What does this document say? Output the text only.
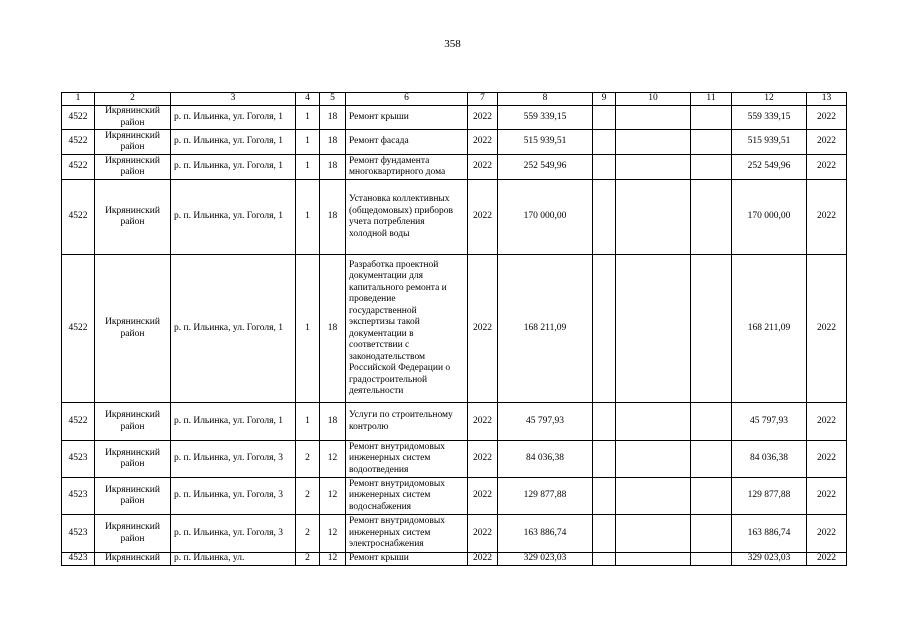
358
1	2	3	4	5	6	7	8	9	10	11	12	13
4522	Икрянинский район	р. п. Ильинка, ул. Гоголя, 1	1	18	Ремонт крыши	2022	559 339,15				559 339,15	2022
4522	Икрянинский район	р. п. Ильинка, ул. Гоголя, 1	1	18	Ремонт фасада	2022	515 939,51				515 939,51	2022
4522	Икрянинский район	р. п. Ильинка, ул. Гоголя, 1	1	18	Ремонт фундамента многоквартирного дома	2022	252 549,96				252 549,96	2022
4522	Икрянинский район	р. п. Ильинка, ул. Гоголя, 1	1	18	Установка коллективных (общедомовых) приборов учета потребления холодной воды	2022	170 000,00				170 000,00	2022
4522	Икрянинский район	р. п. Ильинка, ул. Гоголя, 1	1	18	Разработка проектной документации для капитального ремонта и проведение государственной экспертизы такой документации в соответствии с законодательством Российской Федерации о градостроительной деятельности	2022	168 211,09				168 211,09	2022
4522	Икрянинский район	р. п. Ильинка, ул. Гоголя, 1	1	18	Услуги по строительному контролю	2022	45 797,93				45 797,93	2022
4523	Икрянинский район	р. п. Ильинка, ул. Гоголя, 3	2	12	Ремонт внутридомовых инженерных систем водоотведения	2022	84 036,38				84 036,38	2022
4523	Икрянинский район	р. п. Ильинка, ул. Гоголя, 3	2	12	Ремонт внутридомовых инженерных систем водоснабжения	2022	129 877,88				129 877,88	2022
4523	Икрянинский район	р. п. Ильинка, ул. Гоголя, 3	2	12	Ремонт внутридомовых инженерных систем электроснабжения	2022	163 886,74				163 886,74	2022
4523	Икрянинский	р. п. Ильинка, ул.	2	12	Ремонт крыши	2022	329 023,03				329 023,03	2022
